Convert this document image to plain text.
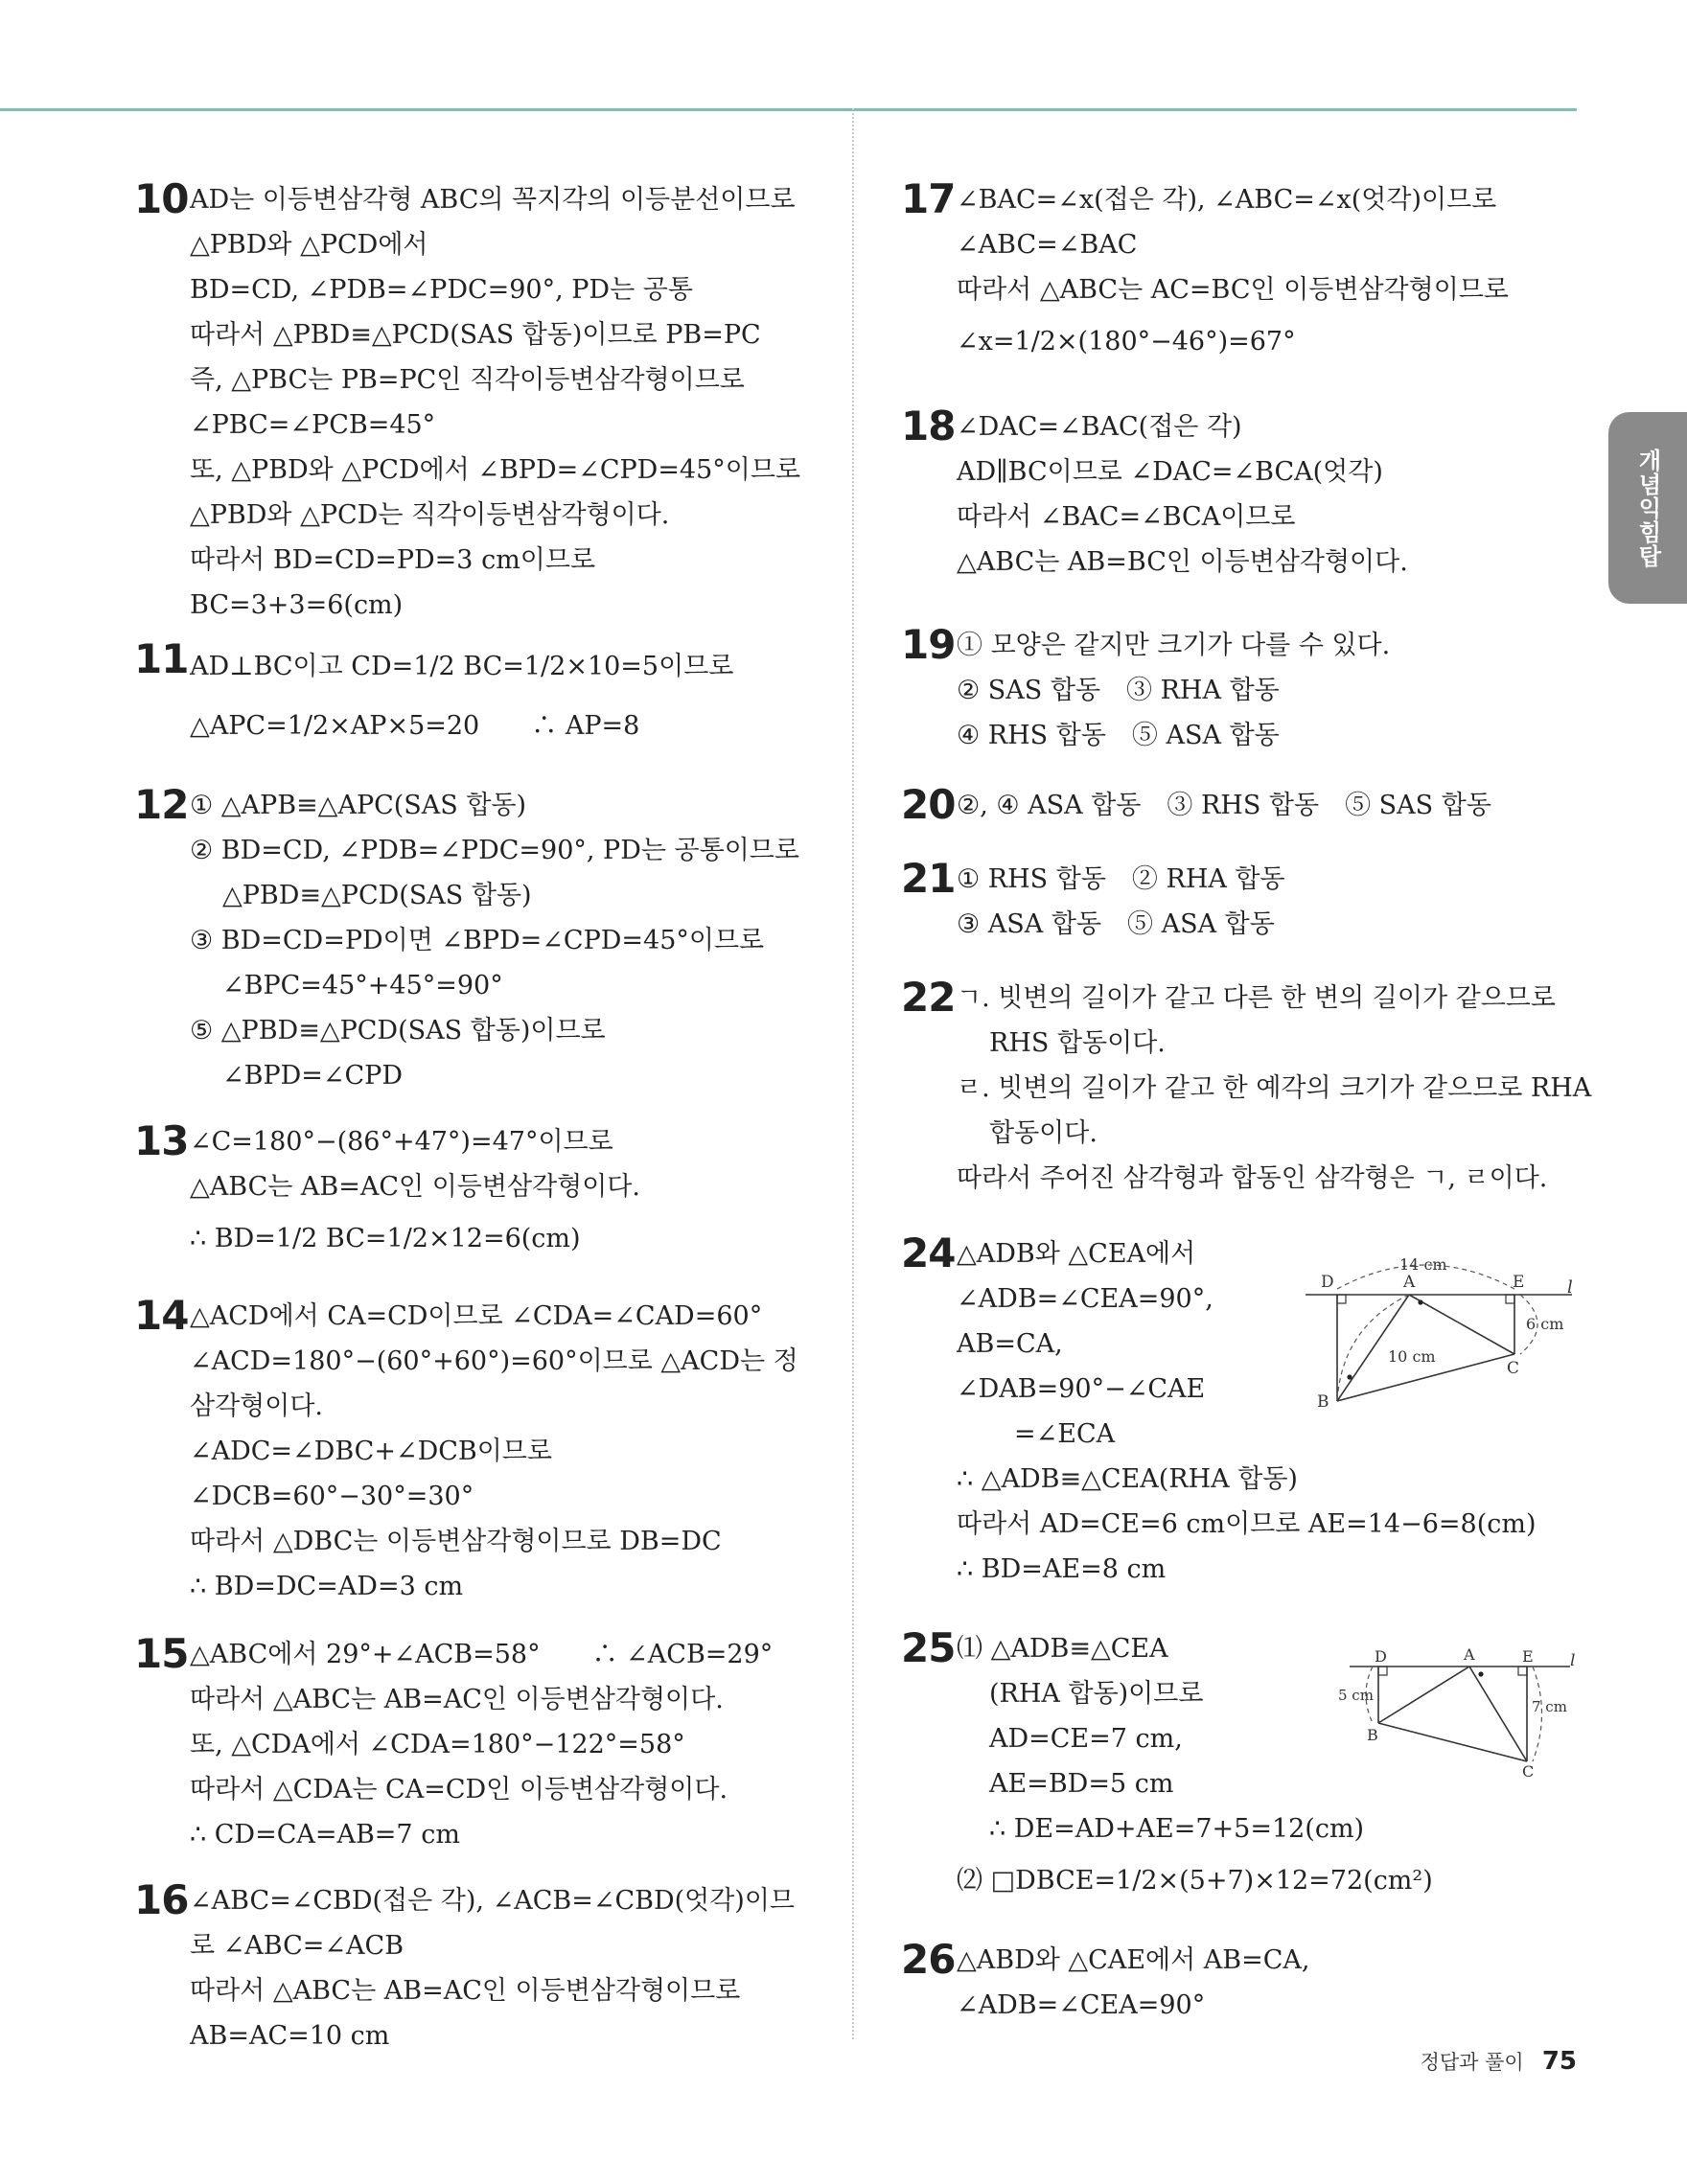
개념익힘탑
10 AD는 이등변삼각형 ABC의 꼭지각의 이등분선이므로
△PBD와 △PCD에서
BD=CD, ∠PDB=∠PDC=90°, PD는 공통
따라서 △PBD≡△PCD(SAS 합동)이므로 PB=PC
즉, △PBC는 PB=PC인 직각이등변삼각형이므로
∠PBC=∠PCB=45°
또, △PBD와 △PCD에서 ∠BPD=∠CPD=45°이므로
△PBD와 △PCD는 직각이등변삼각형이다.
따라서 BD=CD=PD=3 cm이므로
BC=3+3=6(cm)
11 AD⊥BC이고 CD=1/2 BC=1/2×10=5이므로
△APC=1/2×AP×5=20　　∴ AP=8
12 ① △APB≡△APC(SAS 합동)
② BD=CD, ∠PDB=∠PDC=90°, PD는 공통이므로
△PBD≡△PCD(SAS 합동)
③ BD=CD=PD이면 ∠BPD=∠CPD=45°이므로
∠BPC=45°+45°=90°
⑤ △PBD≡△PCD(SAS 합동)이므로
∠BPD=∠CPD
13 ∠C=180°−(86°+47°)=47°이므로
△ABC는 AB=AC인 이등변삼각형이다.
∴ BD=1/2 BC=1/2×12=6(cm)
14 △ACD에서 CA=CD이므로 ∠CDA=∠CAD=60°
∠ACD=180°−(60°+60°)=60°이므로 △ACD는 정
삼각형이다.
∠ADC=∠DBC+∠DCB이므로
∠DCB=60°−30°=30°
따라서 △DBC는 이등변삼각형이므로 DB=DC
∴ BD=DC=AD=3 cm
15 △ABC에서 29°+∠ACB=58°　　∴ ∠ACB=29°
따라서 △ABC는 AB=AC인 이등변삼각형이다.
또, △CDA에서 ∠CDA=180°−122°=58°
따라서 △CDA는 CA=CD인 이등변삼각형이다.
∴ CD=CA=AB=7 cm
16 ∠ABC=∠CBD(접은 각), ∠ACB=∠CBD(엇각)이므
로 ∠ABC=∠ACB
따라서 △ABC는 AB=AC인 이등변삼각형이므로
AB=AC=10 cm
17 ∠BAC=∠x(접은 각), ∠ABC=∠x(엇각)이므로
∠ABC=∠BAC
따라서 △ABC는 AC=BC인 이등변삼각형이므로
∠x=1/2×(180°−46°)=67°
18 ∠DAC=∠BAC(접은 각)
AD∥BC이므로 ∠DAC=∠BCA(엇각)
따라서 ∠BAC=∠BCA이므로
△ABC는 AB=BC인 이등변삼각형이다.
19 ① 모양은 같지만 크기가 다를 수 있다.
② SAS 합동　③ RHA 합동
④ RHS 합동　⑤ ASA 합동
20 ②, ④ ASA 합동　③ RHS 합동　⑤ SAS 합동
21 ① RHS 합동　② RHA 합동
③ ASA 합동　⑤ ASA 합동
22 ㄱ. 빗변의 길이가 같고 다른 한 변의 길이가 같으므로
RHS 합동이다.
ㄹ. 빗변의 길이가 같고 한 예각의 크기가 같으므로 RHA
합동이다.
따라서 주어진 삼각형과 합동인 삼각형은 ㄱ, ㄹ이다.
24 △ADB와 △CEA에서
∠ADB=∠CEA=90°,
AB=CA,
∠DAB=90°−∠CAE
=∠ECA
∴ △ADB≡△CEA(RHA 합동)
따라서 AD=CE=6 cm이므로 AE=14−6=8(cm)
∴ BD=AE=8 cm
25 ⑴ △ADB≡△CEA
(RHA 합동)이므로
AD=CE=7 cm,
AE=BD=5 cm
∴ DE=AD+AE=7+5=12(cm)
⑵ □DBCE=1/2×(5+7)×12=72(cm²)
26 △ABD와 △CAE에서 AB=CA,
∠ADB=∠CEA=90°
14 cm
6 cm
10 cm
D	A	E
B
C
l
D	A	E
B
C
l
5 cm
7 cm
정답과 풀이 75
